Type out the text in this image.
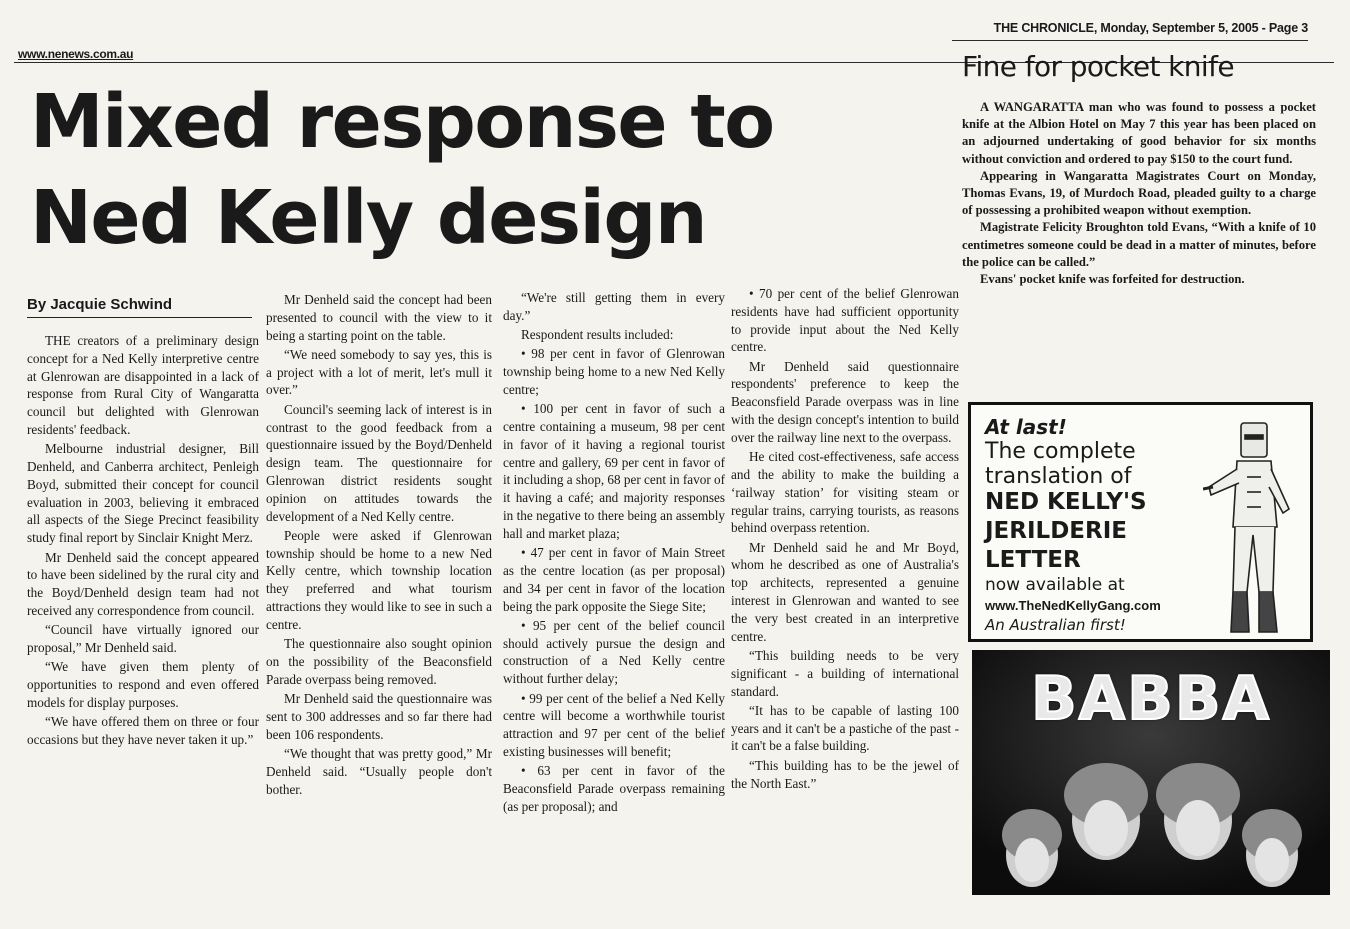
www.nenews.com.au
THE CHRONICLE, Monday, September 5, 2005 - Page 3
Mixed response to Ned Kelly design
By Jacquie Schwind

THE creators of a preliminary design concept for a Ned Kelly interpretive centre at Glenrowan are disappointed in a lack of response from Rural City of Wangaratta council but delighted with Glenrowan residents' feedback.

Melbourne industrial designer, Bill Denheld, and Canberra architect, Penleigh Boyd, submitted their concept for council evaluation in 2003, believing it embraced all aspects of the Siege Precinct feasibility study final report by Sinclair Knight Merz.

Mr Denheld said the concept appeared to have been sidelined by the rural city and the Boyd/Denheld design team had not received any correspondence from council.

“Council have virtually ignored our proposal,” Mr Denheld said.

“We have given them plenty of opportunities to respond and even offered models for display purposes.

“We have offered them on three or four occasions but they have never taken it up.”

Mr Denheld said the concept had been presented to council with the view to it being a starting point on the table.

“We need somebody to say yes, this is a project with a lot of merit, let's mull it over.”

Council's seeming lack of interest is in contrast to the good feedback from a questionnaire issued by the Boyd/Denheld design team. The questionnaire for Glenrowan district residents sought opinion on attitudes towards the development of a Ned Kelly centre.

People were asked if Glenrowan township should be home to a new Ned Kelly centre, which township location they preferred and what tourism attractions they would like to see in such a centre.

The questionnaire also sought opinion on the possibility of the Beaconsfield Parade overpass being removed.

Mr Denheld said the questionnaire was sent to 300 addresses and so far there had been 106 respondents.

“We thought that was pretty good,” Mr Denheld said. “Usually people don't bother.

“We're still getting them in every day.”

Respondent results included:

• 98 per cent in favor of Glenrowan township being home to a new Ned Kelly centre;

• 100 per cent in favor of such a centre containing a museum, 98 per cent in favor of it having a regional tourist centre and gallery, 69 per cent in favor of it including a shop, 68 per cent in favor of it having a café; and majority responses in the negative to there being an assembly hall and market plaza;

• 47 per cent in favor of Main Street as the centre location (as per proposal) and 34 per cent in favor of the location being the park opposite the Siege Site;

• 95 per cent of the belief council should actively pursue the design and construction of a Ned Kelly centre without further delay;

• 99 per cent of the belief a Ned Kelly centre will become a worthwhile tourist attraction and 97 per cent of the belief existing businesses will benefit;

• 63 per cent in favor of the Beaconsfield Parade overpass remaining (as per proposal); and

• 70 per cent of the belief Glenrowan residents have had sufficient opportunity to provide input about the Ned Kelly centre.

Mr Denheld said questionnaire respondents' preference to keep the Beaconsfield Parade overpass was in line with the design concept's intention to build over the railway line next to the overpass.

He cited cost-effectiveness, safe access and the ability to make the building a ‘railway station’ for visiting steam or regular trains, carrying tourists, as reasons behind overpass retention.

Mr Denheld said he and Mr Boyd, whom he described as one of Australia's top architects, represented a genuine interest in Glenrowan and wanted to see the very best created in an interpretive centre.

“This building needs to be very significant - a building of international standard.

“It has to be capable of lasting 100 years and it can't be a pastiche of the past - it can't be a false building.

“This building has to be the jewel of the North East.”

Fine for pocket knife

A WANGARATTA man who was found to possess a pocket knife at the Albion Hotel on May 7 this year has been placed on an adjourned undertaking of good behavior for six months without conviction and ordered to pay $150 to the court fund.

Appearing in Wangaratta Magistrates Court on Monday, Thomas Evans, 19, of Murdoch Road, pleaded guilty to a charge of possessing a prohibited weapon without exemption.

Magistrate Felicity Broughton told Evans, “With a knife of 10 centimetres someone could be dead in a matter of minutes, before the police can be called.”

Evans' pocket knife was forfeited for destruction.

At last!
The complete
translation of
NED KELLY'S
JERILDERIE
LETTER
now available at
www.TheNedKellyGang.com
An Australian first!
BABBA
